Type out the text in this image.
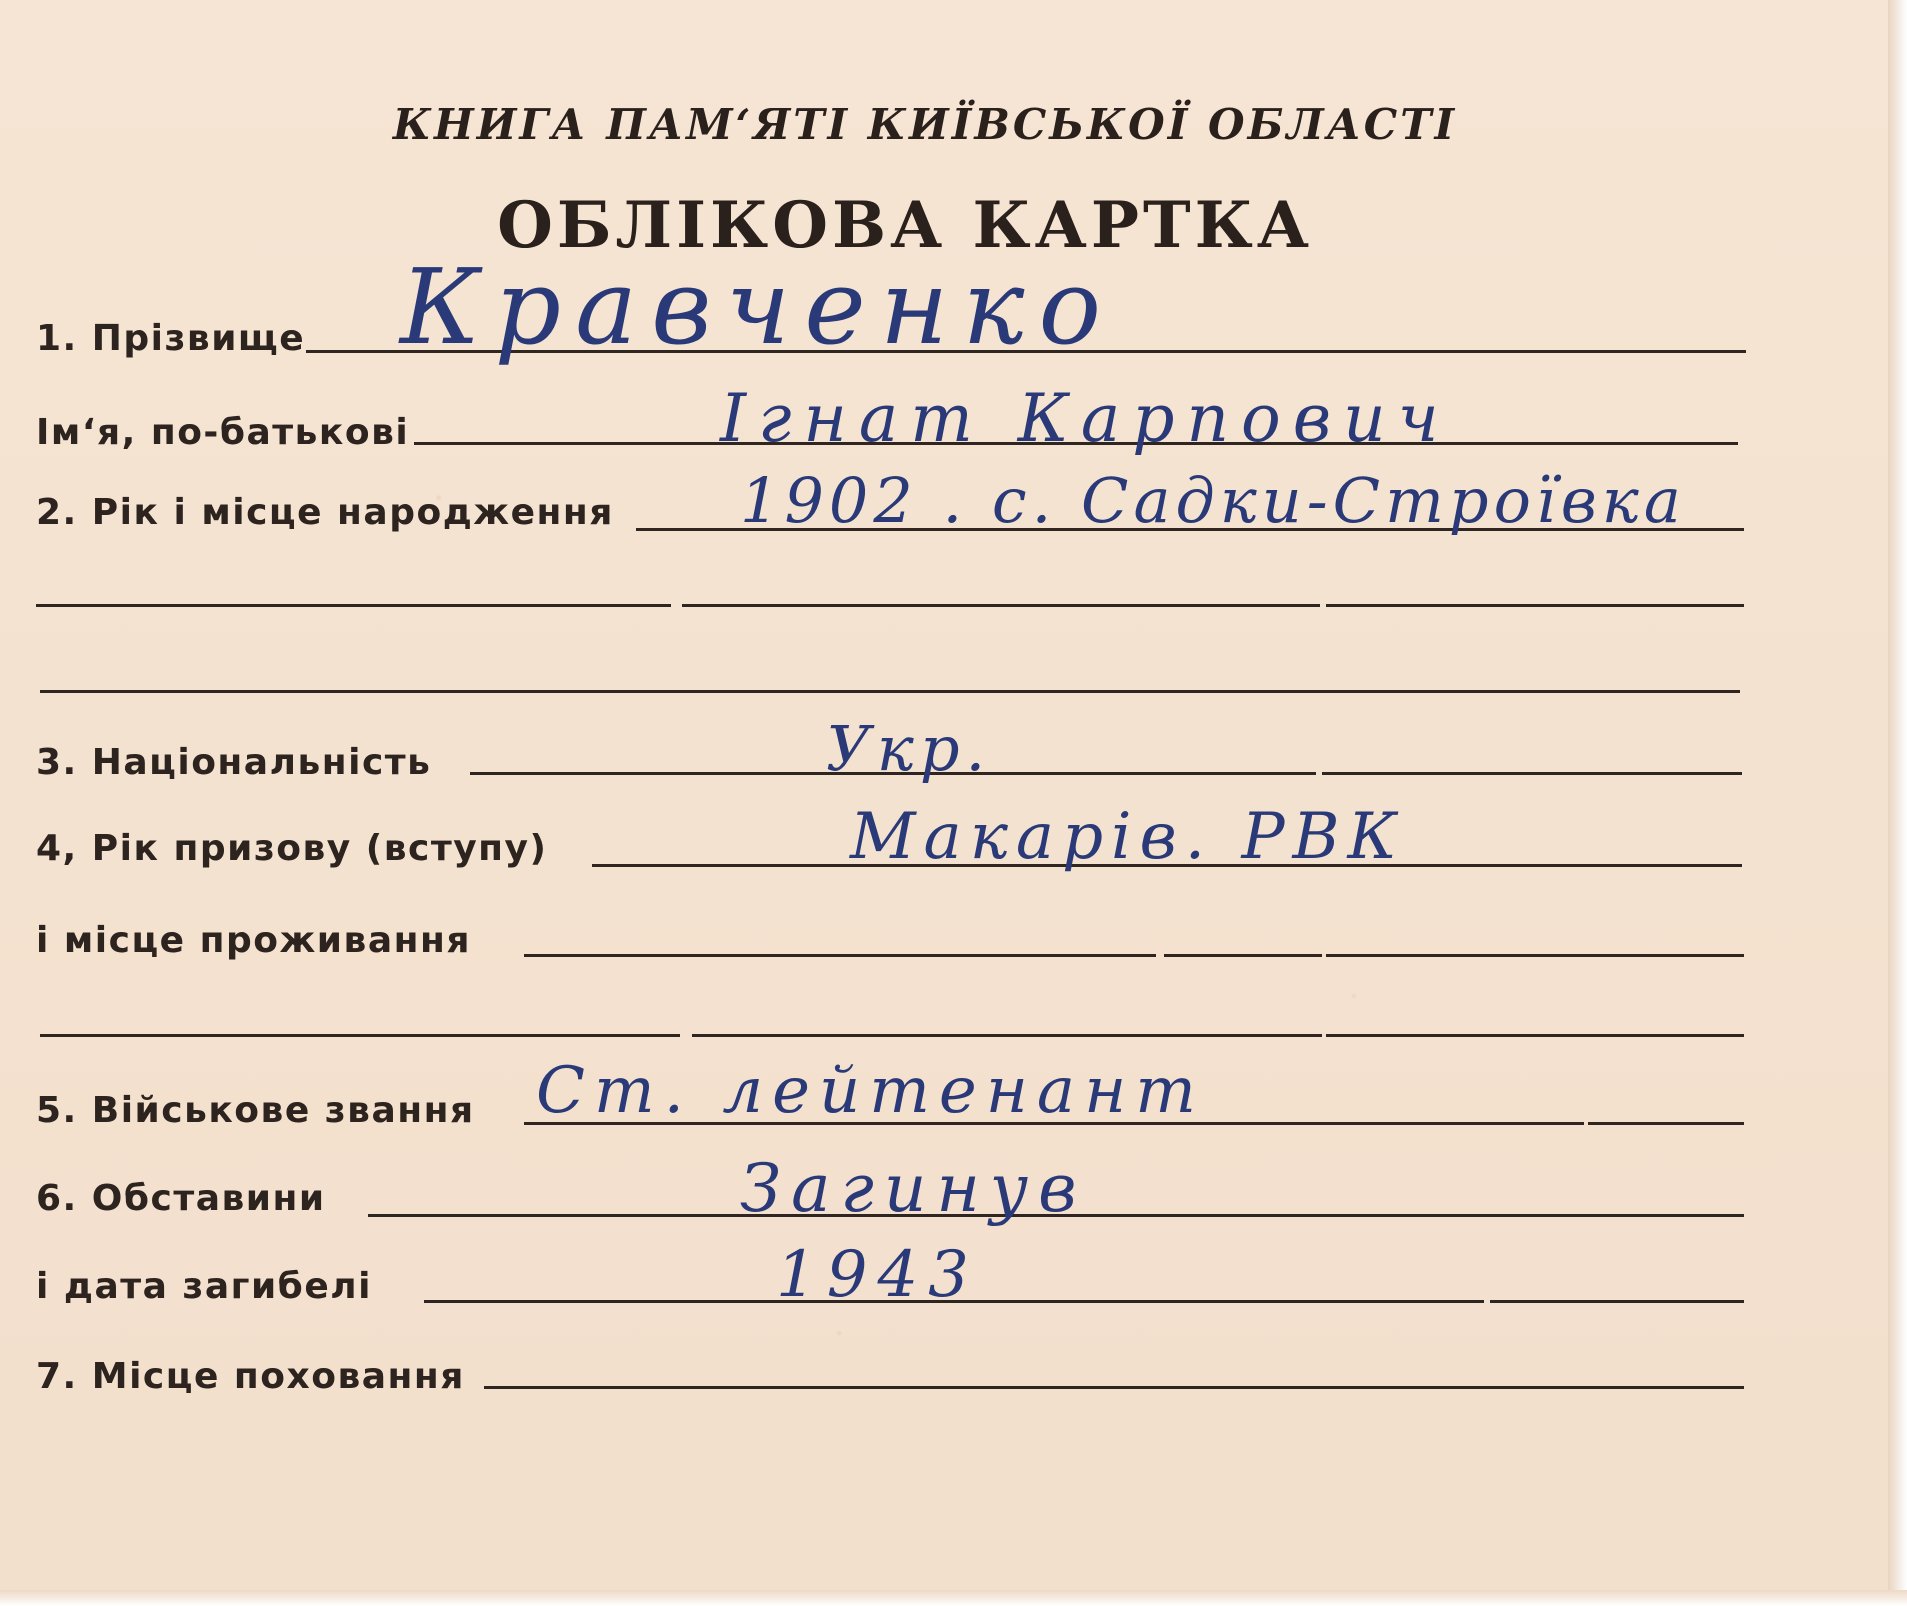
КНИГА ПАМ‘ЯТІ КИЇВСЬКОЇ ОБЛАСТІ
ОБЛІКОВА КАРТКА
1. Прізвище Кравченко
Ім‘я, по-батькові	Ігнат Карпович
2. Рік і місце народження 1902 . с. Садки-Строївка
3. Національність	Укр.
4, Рік призову (вступу)	Макарів. РВК
і місце проживання
5. Військове звання Ст. лейтенант
6. Обставини	Загинув
і дата загибелі	1943
7. Місце поховання
